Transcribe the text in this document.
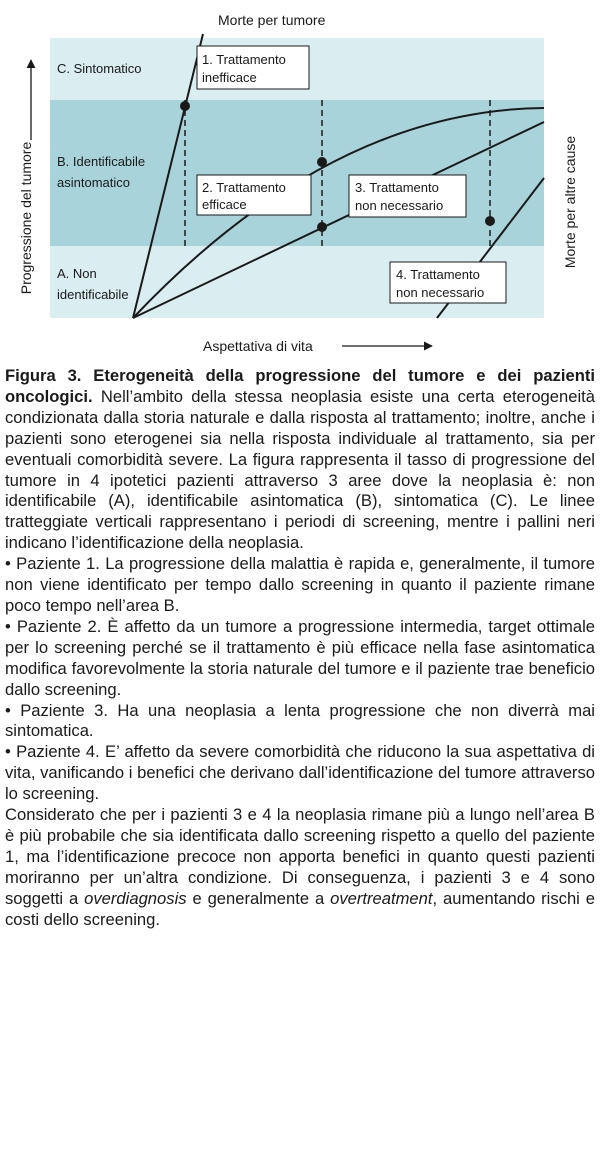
C. Sintomatico
B. Identificabile
asintomatico
A. Non
identificabile
1. Trattamento
inefficace
2. Trattamento
efficace
3. Trattamento
non necessario
4. Trattamento
non necessario
Morte per tumore
Progressione del tumore
Aspettativa di vita
Morte per altre cause

Figura 3. Eterogeneità della progressione del tumore e dei pazienti oncologici. Nell’ambito della stessa neoplasia esiste una certa eterogeneità condizionata dalla storia naturale e dalla risposta al trattamento; inoltre, anche i pazienti sono eterogenei sia nella risposta individuale al trattamento, sia per eventuali comorbidità severe. La figura rappresenta il tasso di progressione del tumore in 4 ipotetici pazienti attraverso 3 aree dove la neoplasia è: non identificabile (A), identificabile asintomatica (B), sintomatica (C). Le linee tratteggiate verticali rappresentano i periodi di screening, mentre i pallini neri indicano l’identificazione della neoplasia.

• Paziente 1. La progressione della malattia è rapida e, generalmente, il tumore non viene identificato per tempo dallo screening in quanto il paziente rimane poco tempo nell’area B.

• Paziente 2. È affetto da un tumore a progressione intermedia, target ottimale per lo screening perché se il trattamento è più efficace nella fase asintomatica modifica favorevolmente la storia naturale del tumore e il paziente trae beneficio dallo screening.

• Paziente 3. Ha una neoplasia a lenta progressione che non diverrà mai sintomatica.

• Paziente 4. E’ affetto da severe comorbidità che riducono la sua aspettativa di vita, vanificando i benefici che derivano dall’identificazione del tumore attraverso lo screening.

Considerato che per i pazienti 3 e 4 la neoplasia rimane più a lungo nell’area B è più probabile che sia identificata dallo screening rispetto a quello del paziente 1, ma l’identificazione precoce non apporta benefici in quanto questi pazienti moriranno per un’altra condizione. Di conseguenza, i pazienti 3 e 4 sono soggetti a overdiagnosis e generalmente a overtreatment, aumentando rischi e costi dello screening.
